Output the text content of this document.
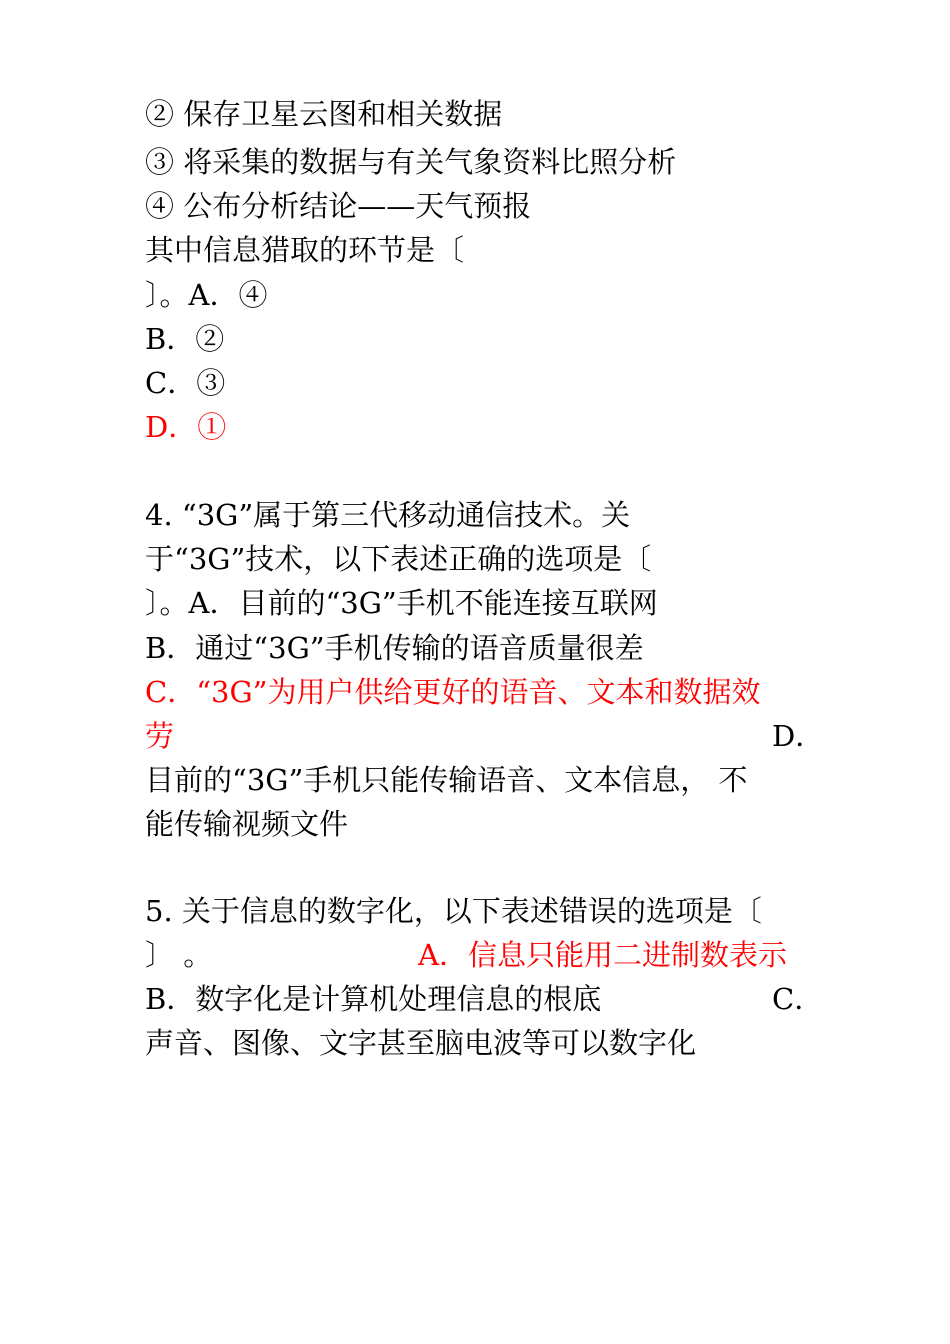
② 保存卫星云图和相关数据
③ 将采集的数据与有关气象资料比照分析
④ 公布分析结论——天气预报
其中信息猎取的环节是〔
〕。A．④
B．②
C．③
D．①
4. “3G”属于第三代移动通信技术。关
于“3G”技术，以下表述正确的选项是〔
〕。A．目前的“3G”手机不能连接互联网
B．通过“3G”手机传输的语音质量很差
C．“3G”为用户供给更好的语音、文本和数据效
劳	D．
目前的“3G”手机只能传输语音、文本信息， 不
能传输视频文件
5. 关于信息的数字化，以下表述错误的选项是〔
〕 。	A．信息只能用二进制数表示
B．数字化是计算机处理信息的根底	C．
声音、图像、文字甚至脑电波等可以数字化
